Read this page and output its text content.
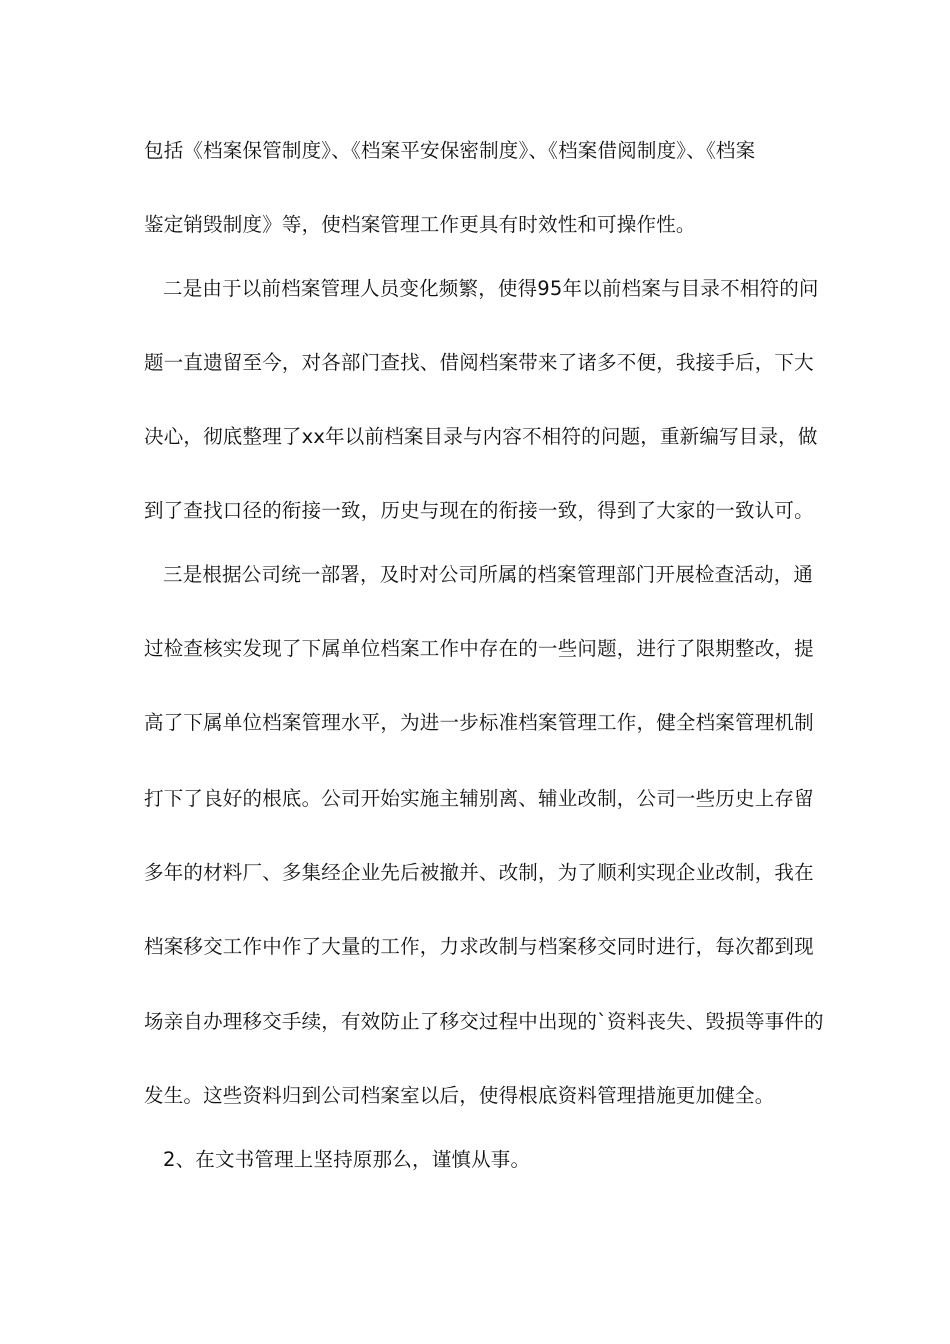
包括《档案保管制度》、《档案平安保密制度》、《档案借阅制度》、《档案

鉴定销毁制度》等，使档案管理工作更具有时效性和可操作性。

二是由于以前档案管理人员变化频繁，使得95年以前档案与目录不相符的问

题一直遗留至今，对各部门查找、借阅档案带来了诸多不便，我接手后，下大

决心，彻底整理了xx年以前档案目录与内容不相符的问题，重新编写目录，做

到了查找口径的衔接一致，历史与现在的衔接一致，得到了大家的一致认可。

三是根据公司统一部署，及时对公司所属的档案管理部门开展检查活动，通

过检查核实发现了下属单位档案工作中存在的一些问题，进行了限期整改，提

高了下属单位档案管理水平，为进一步标准档案管理工作，健全档案管理机制

打下了良好的根底。公司开始实施主辅别离、辅业改制，公司一些历史上存留

多年的材料厂、多集经企业先后被撤并、改制，为了顺利实现企业改制，我在

档案移交工作中作了大量的工作，力求改制与档案移交同时进行，每次都到现

场亲自办理移交手续，有效防止了移交过程中出现的`资料丧失、毁损等事件的

发生。这些资料归到公司档案室以后，使得根底资料管理措施更加健全。

2、在文书管理上坚持原那么，谨慎从事。
